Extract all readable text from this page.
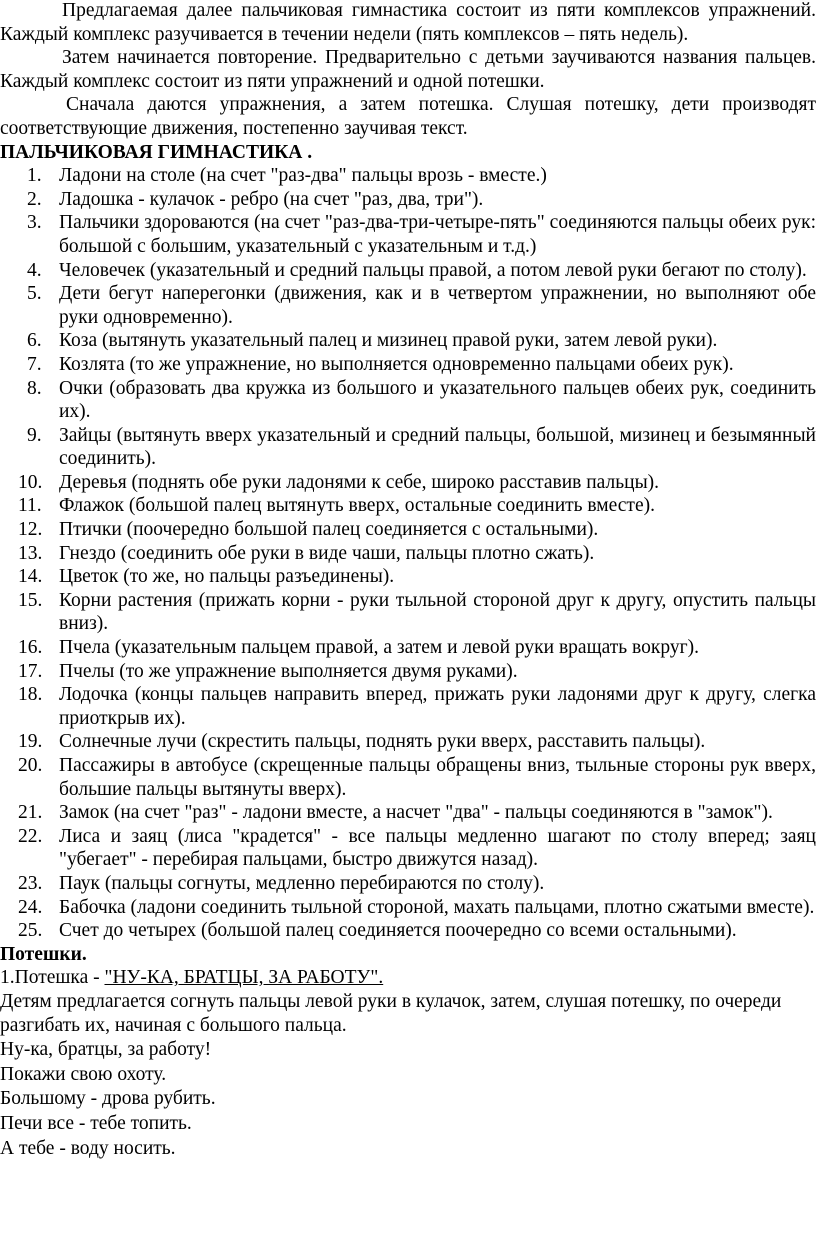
Предлагаемая далее пальчиковая гимнастика состоит из пяти комплексов упражнений. Каждый комплекс разучивается в течении недели (пять комплексов – пять недель).

Затем начинается повторение. Предварительно с детьми заучиваются названия пальцев. Каждый комплекс состоит из пяти упражнений и одной потешки.

Сначала даются упражнения, а затем потешка. Слушая потешку, дети производят соответствующие движения, постепенно заучивая текст.

ПАЛЬЧИКОВАЯ ГИМНАСТИКА .

1. Ладони на столе (на счет "раз-два" пальцы врозь - вместе.)
2. Ладошка - кулачок - ребро (на счет "раз, два, три").
3. Пальчики здороваются (на счет "раз-два-три-четыре-пять" соединяются пальцы обеих рук: большой с большим, указательный с указательным и т.д.)
4. Человечек (указательный и средний пальцы правой, а потом левой руки бегают по столу).
5. Дети бегут наперегонки (движения, как и в четвертом упражнении, но выполняют обе руки одновременно).
6. Коза (вытянуть указательный палец и мизинец правой руки, затем левой руки).
7. Козлята (то же упражнение, но выполняется одновременно пальцами обеих рук).
8. Очки (образовать два кружка из большого и указательного пальцев обеих рук, соединить их).
9. Зайцы (вытянуть вверх указательный и средний пальцы, большой, мизинец и безымянный соединить).
10. Деревья (поднять обе руки ладонями к себе, широко расставив пальцы).
11. Флажок (большой палец вытянуть вверх, остальные соединить вместе).
12. Птички (поочередно большой палец соединяется с остальными).
13. Гнездо (соединить обе руки в виде чаши, пальцы плотно сжать).
14. Цветок (то же, но пальцы разъединены).
15. Корни растения (прижать корни - руки тыльной стороной друг к другу, опустить пальцы вниз).
16. Пчела (указательным пальцем правой, а затем и левой руки вращать вокруг).
17. Пчелы (то же упражнение выполняется двумя руками).
18. Лодочка (концы пальцев направить вперед, прижать руки ладонями друг к другу, слегка приоткрыв их).
19. Солнечные лучи (скрестить пальцы, поднять руки вверх, расставить пальцы).
20. Пассажиры в автобусе (скрещенные пальцы обращены вниз, тыльные стороны рук вверх, большие пальцы вытянуты вверх).
21. Замок (на счет "раз" - ладони вместе, а насчет "два" - пальцы соединяются в "замок").
22. Лиса и заяц (лиса "крадется" - все пальцы медленно шагают по столу вперед; заяц "убегает" - перебирая пальцами, быстро движутся назад).
23. Паук (пальцы согнуты, медленно перебираются по столу).
24. Бабочка (ладони соединить тыльной стороной, махать пальцами, плотно сжатыми вместе).
25. Счет до четырех (большой палец соединяется поочередно со всеми остальными).

Потешки.

1.Потешка - "НУ-КА, БРАТЦЫ, ЗА РАБОТУ".

Детям предлагается согнуть пальцы левой руки в кулачок, затем, слушая потешку, по очереди разгибать их, начиная с большого пальца.

Ну-ка, братцы, за работу!

Покажи свою охоту.

Большому - дрова рубить.

Печи все - тебе топить.

А тебе - воду носить.
